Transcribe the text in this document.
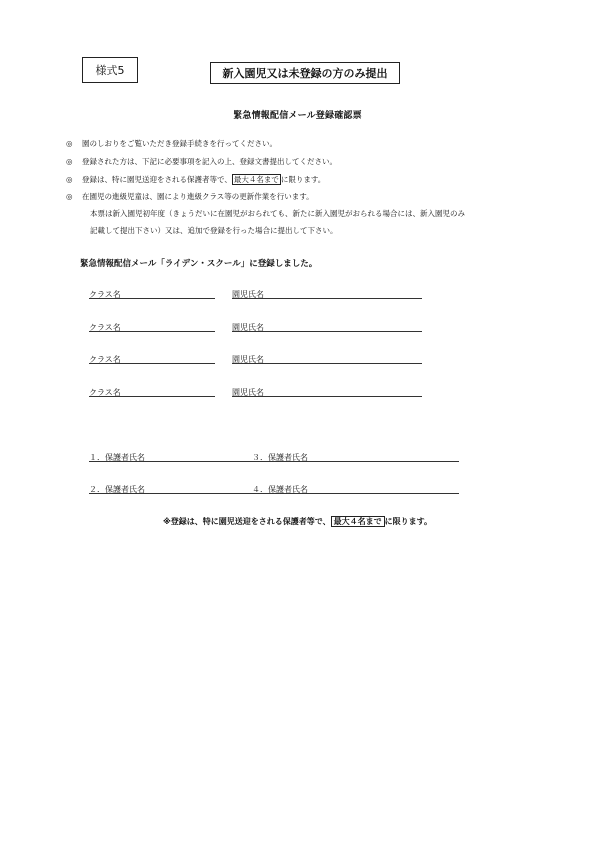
様式5	新入園児又は未登録の方のみ提出
緊急情報配信メール登録確認票
◎ 園のしおりをご覧いただき登録手続きを行ってください。
◎ 登録された方は、下記に必要事項を記入の上、登録文書提出してください。
◎ 登録は、特に園児送迎をされる保護者等で、 最大４名まで に限ります。
◎ 在園児の進級児童は、園により進級クラス等の更新作業を行います。
本票は新入園児初年度（きょうだいに在園児がおられても、新たに新入園児がおられる場合には、新入園児のみ
記載して提出下さい）又は、追加で登録を行った場合に提出して下さい。
緊急情報配信メール「ライデン・スクール」に登録しました。
クラス名	園児氏名
クラス名	園児氏名
クラス名	園児氏名
クラス名	園児氏名
１．保護者氏名	３．保護者氏名
２．保護者氏名	４．保護者氏名
※登録は、特に園児送迎をされる保護者等で、 最大４名まで に限ります。
